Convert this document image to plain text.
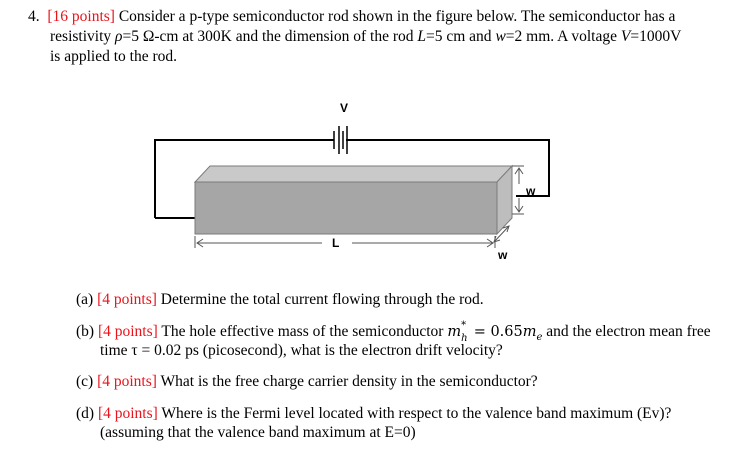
4. [16 points] Consider a p-type semiconductor rod shown in the figure below. The semiconductor has a
resistivity ρ=5 Ω-cm at 300K and the dimension of the rod L=5 cm and w=2 mm. A voltage V=1000V
is applied to the rod.
V
L
w
w
(a) [4 points] Determine the total current flowing through the rod.
(b) [4 points] The hole effective mass of the semiconductor m *
$h = 0.65m_e$ and the electron mean free
time τ = 0.02 ps (picosecond), what is the electron drift velocity?
(c) [4 points] What is the free charge carrier density in the semiconductor?
(d) [4 points] Where is the Fermi level located with respect to the valence band maximum (Ev)?
(assuming that the valence band maximum at E=0)
